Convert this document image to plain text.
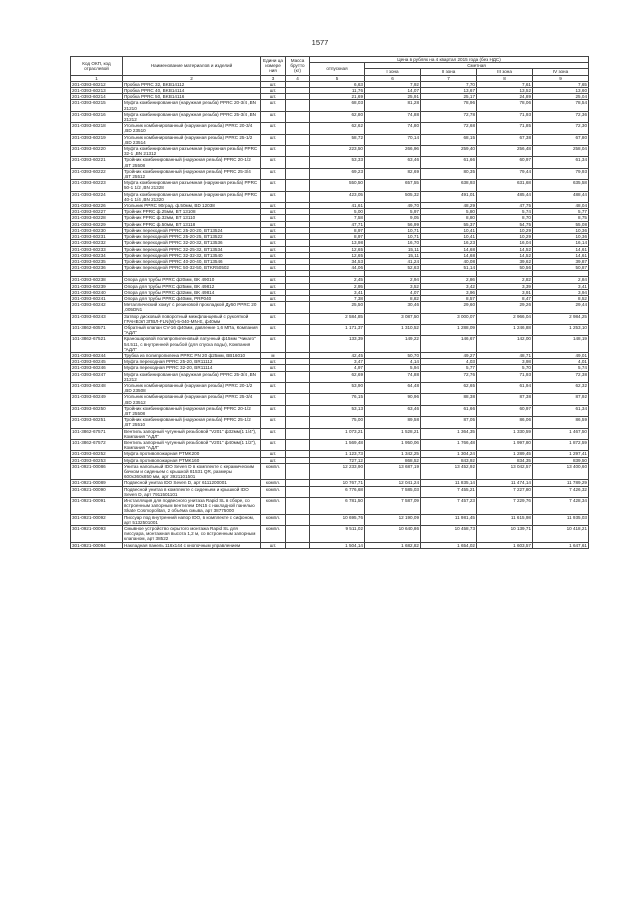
1577
Код ОКП, код отраслевой	Наименование материалов и изделий	Едини ца измере ния	Масса брутто (кг)	Цена в рублях на 4 квартал 2015 года (без НДС)				
				отпускная	Сметная			
					I зона	II зона	III зона	IV зона
1	2	3	4	5	6	7	8	9
201-0393-60212	Пробка PPRC 32, BKB14112	шт.		6,63	7,92	7,70	7,61	7,65
201-0393-60213	Пробка PPRC 40, BKB14114	шт.		11,76	14,07	13,67	13,52	13,60
201-0393-60214	Пробка PPRC 50, BKB14116	шт.		21,69	25,91	25,17	24,89	25,04
201-0393-60215	Муфта комбинированная (наружная резьба) PPRC 20-3/4 ,BN 21210	шт.		68,03	81,28	78,96	78,06	78,54
201-0393-60216	Муфта комбинированная (наружная резьба) PPRC 25-3/4 ,BN 21212	шт.		62,80	74,88	72,78	71,93	72,36
201-0393-60218	Угольник комбинированный (наружная резьба) PPRC 20-3/4 ,BD 23510	шт.		62,62	74,80	72,68	71,85	72,30
201-0393-60219	Угольник комбинированный (наружная резьба) PPRC 25-1/2 ,BD 23514	шт.		58,72	70,14	68,15	67,38	67,80
201-0393-60220	Муфта комбинированная разъемная (наружная резьба) PPRC 32-1 ,BN 21312	шт.		223,50	266,96	259,40	256,48	258,04
201-0393-60221	Тройник комбинированный (наружная резьба) PPRC 20-1/2 ,BT 25508	шт.		53,33	63,46	61,66	60,97	61,34
201-0393-60222	Тройник комбинированный (наружная резьба) PPRC 25-3/4 ,BT 25512	шт.		69,23	82,69	80,35	79,44	79,93
201-0393-60223	Муфта комбинированная разъемная (наружная резьба) PPRC 50-1 1/2 ,BN 21328	шт.		550,50	657,55	638,93	631,68	635,58
201-0393-60224	Муфта комбинированная разъемная (наружная резьба) PPRC 40-1 1/4 ,BN 21320	шт.		423,05	505,32	491,01	485,44	488,44
201-0393-60226	Угольник PPRC 90град. ф.50мм, BD 12038	шт.		41,61	49,70	48,29	47,75	48,04
201-0393-60227	Тройник PPRC ф.25мм, BT 13108	шт.		5,00	5,97	5,80	5,74	5,77
201-0393-60228	Тройник PPRC ф.32мм, BT 13110	шт.		7,58	9,05	8,80	8,70	8,75
201-0393-60229	Тройник PPRC ф.50мм, BT 13118	шт.		47,71	56,99	55,37	54,75	55,08
201-0393-60230	Тройник переходной PPRC 25-20-20, BT13524	шт.		8,97	10,71	10,41	10,29	10,36
201-0393-60231	Тройник переходной PPRC 25-20-25, BT13522	шт.		8,97	10,71	10,41	10,29	10,36
201-0393-60232	Тройник переходной PPRC 32-20-32, BT13536	шт.		13,98	16,70	16,23	16,04	16,14
201-0393-60233	Тройник переходной PPRC 32-25-32, BT13534	шт.		12,65	15,11	14,68	14,52	14,61
201-0393-60234	Тройник переходной PPRC 32-32-32, BT13540	шт.		12,65	15,11	14,68	14,52	14,61
201-0393-60235	Тройник переходной PPRC 40-20-40, BT13546	шт.		34,53	41,24	40,08	39,62	39,87
201-0393-60236	Тройник переходной PPRC 50-32-50, BTKR50502	шт.		44,06	52,63	51,14	50,56	50,87

201-0393-60238	Опора для трубы PPRC ф20мм, BK 49010	шт.		2,45	2,94	2,86	2,82	2,84
201-0393-60239	Опора для трубы PPRC ф25мм, BK 49812	шт.		2,95	3,52	3,42	3,39	3,41
201-0393-60240	Опора для трубы PPRC ф32мм, BK 49814	шт.		3,41	4,07	3,96	3,91	3,94
201-0393-60241	Опора для трубы PPRC ф40мм, PRP040	шт.		7,38	8,82	8,57	8,47	8,52
201-0393-60242	Металлический хомут с резиновой прокладкой Ду50 PPRC 20 ,005DN1	шт.		25,50	30,46	29,60	29,26	29,44
201-0393-60243	Затвор дисковый поворотный межфланцевый с рукояткой ГРАНВЭЛ ЗПВЛ-FLN(W)-5-040-MN-E, ф40мм	шт.		2 584,85	3 087,50	3 000,07	2 966,04	2 984,25
101-3862-60571	Обратный клапан CV-16 ф40мм, давление 1,6 МПа, Компания "АДЛ"	шт.		1 171,37	1 310,52	1 288,09	1 246,88	1 253,10
101-3862-67521	Краношаровой полипропиленовый латунный ф15мм "Чикаго" 54.511, с внутренней резьбой (для спуска воды), Компания "АДЛ"	шт.		133,39	149,22	146,67	142,00	148,19
201-0393-60244	Трубка из полипропилена PPRC PN 20 ф25мм, BB16010	м		42,45	50,70	49,27	48,71	49,01
201-0393-60245	Муфта переходная PPRC 25-20, BR11112	шт.		3,47	4,14	4,03	3,98	4,01
201-0393-60246	Муфта переходная PPRC 32-20, BR11114	шт.		4,97	5,94	5,77	5,70	5,74
201-0393-60247	Муфта комбинированная (наружная резьба) PPRC 25-3/4 ,BN 21212	шт.		62,69	74,88	72,76	71,93	72,38
201-0393-60248	Угольник комбинированный (наружная резьба) PPRC 20-1/2 ,BD 23508	шт.		53,90	64,48	62,65	61,94	62,32
201-0393-60249	Угольник комбинированный (наружная резьба) PPRC 25-3/4 ,BD 23512	шт.		76,15	90,96	88,38	87,38	87,92
201-0393-60250	Тройник комбинированный (наружная резьба) PPRC 20-1/2 ,BT 25508	шт.		53,13	63,46	61,66	60,97	61,34
201-0393-60251	Тройник комбинированный (наружная резьба) PPRC 25-1/2 ,BT 25510	шт.		75,00	89,58	87,05	86,06	86,59
101-3862-67571	Вентиль запорный чугунный резьбовой "V201" ф32мм(1 1/4"), Компания "АДЛ"	шт.		1 073,21	1 528,21	1 364,35	1 330,59	1 467,50
101-3862-67572	Вентиль запорный чугунный резьбовой "V201" ф40мм(1 1/2"), Компания "АДЛ"	шт.		1 569,48	1 950,06	1 766,48	1 997,80	1 872,59
201-0393-60252	Муфта противопожарная PTMK200	шт.		1 123,73	1 342,25	1 304,24	1 289,45	1 297,41
201-0393-60253	Муфта противопожарная PTMK160	шт.		727,12	868,52	843,92	834,35	839,50
301-0921-00086	Унитаз напольный IDO Seven D в комплекте с керамическим бачком и сиденьем с крышкой 81531 QR, размеры 600x360x850 мм, арт 3921101501	компл.		12 233,90	13 687,19	13 452,92	13 042,57	13 400,60
301-0921-00089	Подвесной унитаз IDO Seven D, арт 6111200001	компл.		10 767,71	12 041,24	11 835,14	11 474,14	11 789,29
301-0921-00090	Подвесной унитаз в комплекте с сиденьем и крышкой IDO Seven D, арт 7911501101	компл.		6 776,68	7 585,03	7 455,21	7 227,80	7 426,32
301-0921-00091	Инсталляция для подвесного унитаза Rapid SL в сборе, со встроенным запорным вентилем DN15 с накладной панелью Skate Cosmopolitan, 2 объёма смыва, арт 38775000	компл.		6 781,50	7 587,09	7 457,23	7 229,76	7 428,34
301-0921-00092	Писсуар под внутренний напор IDO, в комплекте с сифоном, арт 5132501001	компл.		10 695,76	12 190,09	11 981,45	11 615,98	11 935,03
301-0921-00093	Смывное устройство скрытого монтажа Rapid SL для писсуара, монтажная высота 1,2 м, со встроенным запорным клапаном, арт 38522	компл.		9 511,02	10 640,86	10 458,73	10 139,71	10 418,21
301-0921-00094	Накладная панель 116x144 с кнопочным управлением	шт.		1 504,14	1 682,82	1 654,02	1 603,57	1 647,61
